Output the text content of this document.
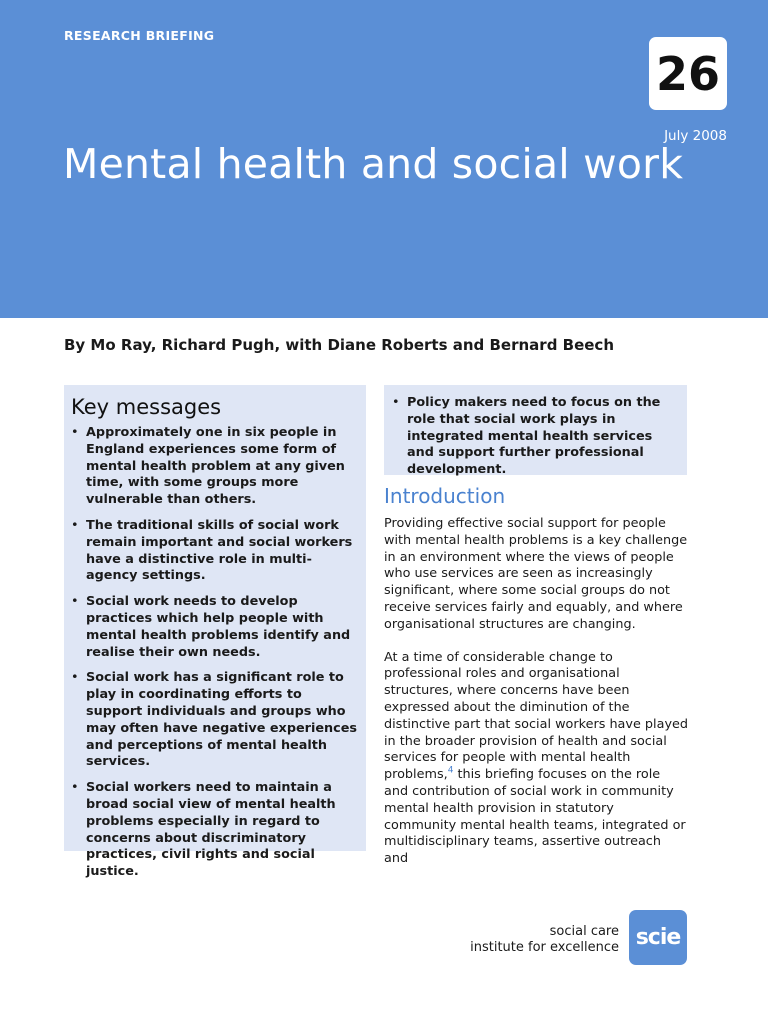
RESEARCH BRIEFING
26
July 2008
Mental health and social work
By Mo Ray, Richard Pugh, with Diane Roberts and Bernard Beech
Key messages
• Approximately one in six people in England experiences some form of mental health problem at any given time, with some groups more vulnerable than others.
• The traditional skills of social work remain important and social workers have a distinctive role in multi-agency settings.
• Social work needs to develop practices which help people with mental health problems identify and realise their own needs.
• Social work has a significant role to play in coordinating efforts to support individuals and groups who may often have negative experiences and perceptions of mental health services.
• Social workers need to maintain a broad social view of mental health problems especially in regard to concerns about discriminatory practices, civil rights and social justice.
• Policy makers need to focus on the role that social work plays in integrated mental health services and support further professional development.
Introduction

Providing effective social support for people with mental health problems is a key challenge in an environment where the views of people who use services are seen as increasingly significant, where some social groups do not receive services fairly and equably, and where organisational structures are changing.

At a time of considerable change to professional roles and organisational structures, where concerns have been expressed about the diminution of the distinctive part that social workers have played in the broader provision of health and social services for people with mental health problems,$^4$ this briefing focuses on the role and contribution of social work in community mental health provision in statutory community mental health teams, integrated or multidisciplinary teams, assertive outreach and

social care
institute for excellence scie
